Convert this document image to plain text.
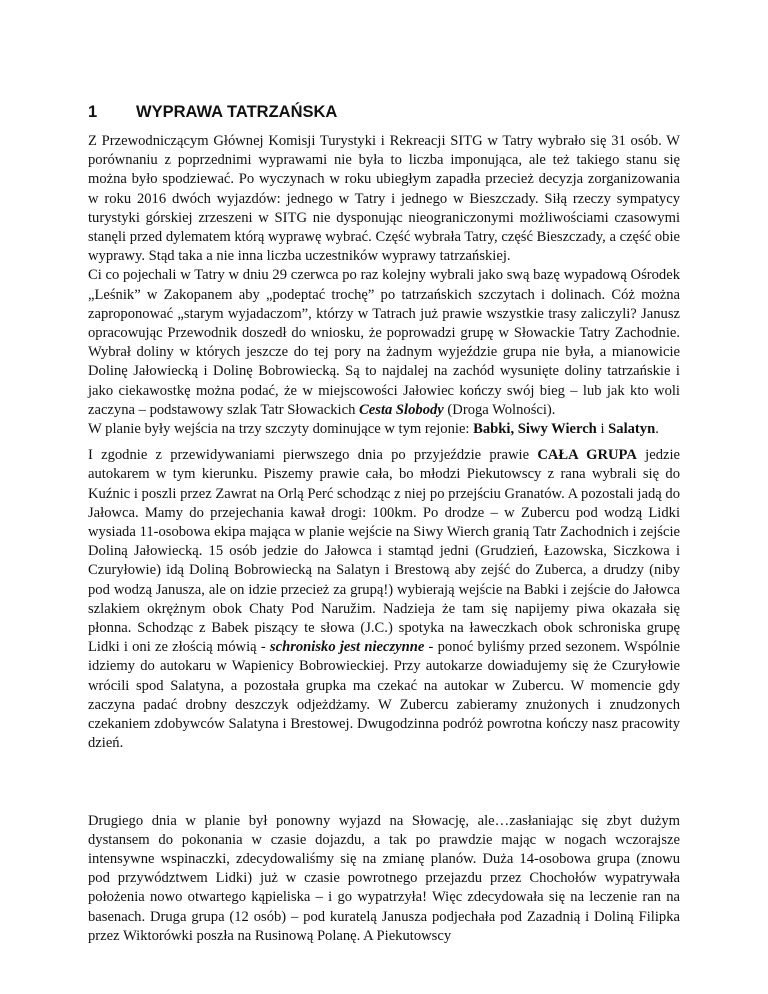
1 WYPRAWA TATRZAŃSKA

Z Przewodniczącym Głównej Komisji Turystyki i Rekreacji SITG w Tatry wybrało się 31 osób. W porównaniu z poprzednimi wyprawami nie była to liczba imponująca, ale też takiego stanu się można było spodziewać. Po wyczynach w roku ubiegłym zapadła przecież decyzja zorganizowania w roku 2016 dwóch wyjazdów: jednego w Tatry i jednego w Bieszczady. Siłą rzeczy sympatycy turystyki górskiej zrzeszeni w SITG nie dysponując nieograniczonymi możliwościami czasowymi stanęli przed dylematem którą wyprawę wybrać. Część wybrała Tatry, część Bieszczady, a część obie wyprawy. Stąd taka a nie inna liczba uczestników wyprawy tatrzańskiej.

Ci co pojechali w Tatry w dniu 29 czerwca po raz kolejny wybrali jako swą bazę wypadową Ośrodek „Leśnik” w Zakopanem aby „podeptać trochę” po tatrzańskich szczytach i dolinach. Cóż można zaproponować „starym wyjadaczom”, którzy w Tatrach już prawie wszystkie trasy zaliczyli? Janusz opracowując Przewodnik doszedł do wniosku, że poprowadzi grupę w Słowackie Tatry Zachodnie. Wybrał doliny w których jeszcze do tej pory na żadnym wyjeździe grupa nie była, a mianowicie Dolinę Jałowiecką i Dolinę Bobrowiecką. Są to najdalej na zachód wysunięte doliny tatrzańskie i jako ciekawostkę można podać, że w miejscowości Jałowiec kończy swój bieg – lub jak kto woli zaczyna – podstawowy szlak Tatr Słowackich Cesta Slobody (Droga Wolności).

W planie były wejścia na trzy szczyty dominujące w tym rejonie: Babki, Siwy Wierch i Salatyn.

I zgodnie z przewidywaniami pierwszego dnia po przyjeździe prawie CAŁA GRUPA jedzie autokarem w tym kierunku. Piszemy prawie cała, bo młodzi Piekutowscy z rana wybrali się do Kuźnic i poszli przez Zawrat na Orlą Perć schodząc z niej po przejściu Granatów. A pozostali jadą do Jałowca. Mamy do przejechania kawał drogi: 100km. Po drodze – w Zubercu pod wodzą Lidki wysiada 11-osobowa ekipa mająca w planie wejście na Siwy Wierch granią Tatr Zachodnich i zejście Doliną Jałowiecką. 15 osób jedzie do Jałowca i stamtąd jedni (Grudzień, Łazowska, Siczkowa i Czuryłowie) idą Doliną Bobrowiecką na Salatyn i Brestową aby zejść do Zuberca, a drudzy (niby pod wodzą Janusza, ale on idzie przecież za grupą!) wybierają wejście na Babki i zejście do Jałowca szlakiem okrężnym obok Chaty Pod Naružim. Nadzieja że tam się napijemy piwa okazała się płonna. Schodząc z Babek piszący te słowa (J.C.) spotyka na ławeczkach obok schroniska grupę Lidki i oni ze złością mówią - schronisko jest nieczynne - ponoć byliśmy przed sezonem. Wspólnie idziemy do autokaru w Wapienicy Bobrowieckiej. Przy autokarze dowiadujemy się że Czuryłowie wrócili spod Salatyna, a pozostała grupka ma czekać na autokar w Zubercu. W momencie gdy zaczyna padać drobny deszczyk odjeżdżamy. W Zubercu zabieramy znużonych i znudzonych czekaniem zdobywców Salatyna i Brestowej. Dwugodzinna podróż powrotna kończy nasz pracowity dzień.

Drugiego dnia w planie był ponowny wyjazd na Słowację, ale…zasłaniając się zbyt dużym dystansem do pokonania w czasie dojazdu, a tak po prawdzie mając w nogach wczorajsze intensywne wspinaczki, zdecydowaliśmy się na zmianę planów. Duża 14-osobowa grupa (znowu pod przywództwem Lidki) już w czasie powrotnego przejazdu przez Chochołów wypatrywała położenia nowo otwartego kąpieliska – i go wypatrzyła! Więc zdecydowała się na leczenie ran na basenach. Druga grupa (12 osób) – pod kuratelą Janusza podjechała pod Zazadnią i Doliną Filipka przez Wiktorówki poszła na Rusinową Polanę. A Piekutowscy
